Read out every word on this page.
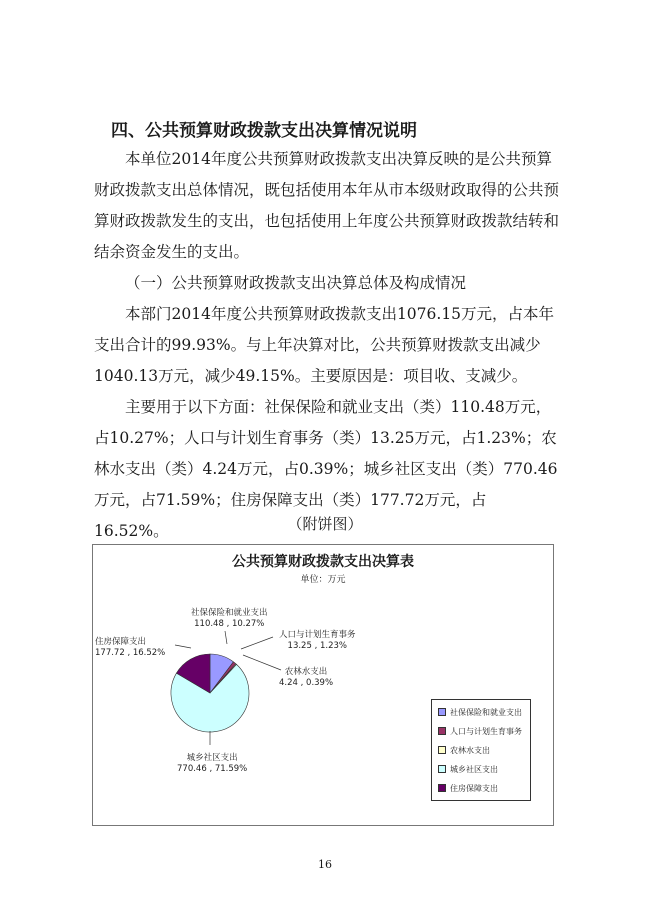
四、公共预算财政拨款支出决算情况说明
本单位2014年度公共预算财政拨款支出决算反映的是公共预算财政拨款支出总体情况，既包括使用本年从市本级财政取得的公共预算财政拨款发生的支出，也包括使用上年度公共预算财政拨款结转和结余资金发生的支出。
（一）公共预算财政拨款支出决算总体及构成情况
本部门2014年度公共预算财政拨款支出1076.15万元，占本年支出合计的99.93%。与上年决算对比，公共预算财拨款支出减少1040.13万元，减少49.15%。主要原因是：项目收、支减少。
主要用于以下方面：社保保险和就业支出（类）110.48万元，占10.27%；人口与计划生育事务（类）13.25万元，占1.23%；农林水支出（类）4.24万元，占0.39%；城乡社区支出（类）770.46万元，占71.59%；住房保障支出（类）177.72万元，占16.52%。	（附饼图）
公共预算财政拨款支出决算表
单位：万元
社保保险和就业支出
110.48 , 10.27%
人口与计划生育事务
13.25 , 1.23%
农林水支出
4.24 , 0.39%
城乡社区支出
770.46 , 71.59%
住房保障支出
177.72 , 16.52%
社保保险和就业支出
人口与计划生育事务
农林水支出
城乡社区支出
住房保障支出
16
